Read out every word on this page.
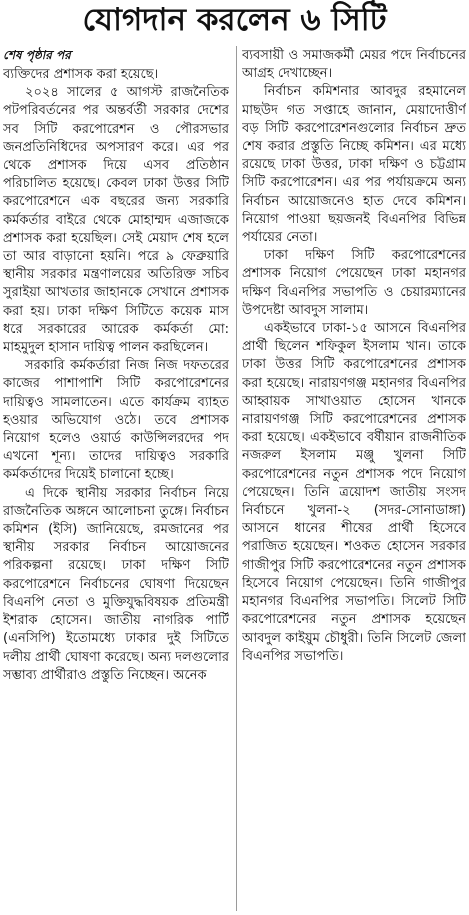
যোগদান করলেন ৬ সিটি
শেষ পৃষ্ঠার পর

ব্যক্তিদের প্রশাসক করা হয়েছে।

২০২৪ সালের ৫ আগস্ট রাজনৈতিক পটপরিবর্তনের পর অন্তর্বর্তী সরকার দেশের সব সিটি করপোরেশন ও পৌরসভার জনপ্রতিনিধিদের অপসারণ করে। এর পর থেকে প্রশাসক দিয়ে এসব প্রতিষ্ঠান পরিচালিত হয়েছে। কেবল ঢাকা উত্তর সিটি করপোরেশনে এক বছরের জন্য সরকারি কর্মকর্তার বাইরে থেকে মোহাম্মদ এজাজকে প্রশাসক করা হয়েছিল। সেই মেয়াদ শেষ হলে তা আর বাড়ানো হয়নি। পরে ৯ ফেব্রুয়ারি স্থানীয় সরকার মন্ত্রণালয়ের অতিরিক্ত সচিব সুরাইয়া আখতার জাহানকে সেখানে প্রশাসক করা হয়। ঢাকা দক্ষিণ সিটিতে কয়েক মাস ধরে সরকারের আরেক কর্মকর্তা মো: মাহমুদুল হাসান দায়িত্ব পালন করছিলেন।

সরকারি কর্মকর্তারা নিজ নিজ দফতরের কাজের পাশাপাশি সিটি করপোরেশনের দায়িত্বও সামলাতেন। এতে কার্যক্রম ব্যাহত হওয়ার অভিযোগ ওঠে। তবে প্রশাসক নিয়োগ হলেও ওয়ার্ড কাউন্সিলরদের পদ এখনো শূন্য। তাদের দায়িত্বও সরকারি কর্মকর্তাদের দিয়েই চালানো হচ্ছে।

এ দিকে স্থানীয় সরকার নির্বাচন নিয়ে রাজনৈতিক অঙ্গনে আলোচনা তুঙ্গে। নির্বাচন কমিশন (ইসি) জানিয়েছে, রমজানের পর স্থানীয় সরকার নির্বাচন আয়োজনের পরিকল্পনা রয়েছে। ঢাকা দক্ষিণ সিটি করপোরেশনে নির্বাচনের ঘোষণা দিয়েছেন বিএনপি নেতা ও মুক্তিযুদ্ধবিষয়ক প্রতিমন্ত্রী ইশরাক হোসেন। জাতীয় নাগরিক পার্টি (এনসিপি) ইতোমধ্যে ঢাকার দুই সিটিতে দলীয় প্রার্থী ঘোষণা করেছে। অন্য দলগুলোর সম্ভাব্য প্রার্থীরাও প্রস্তুতি নিচ্ছেন। অনেক

ব্যবসায়ী ও সমাজকর্মী মেয়র পদে নির্বাচনের আগ্রহ দেখাচ্ছেন।

নির্বাচন কমিশনার আবদুর রহমানেল মাছউদ গত সপ্তাহে জানান, মেয়াদোত্তীর্ণ বড় সিটি করপোরেশনগুলোর নির্বাচন দ্রুত শেষ করার প্রস্তুতি নিচ্ছে কমিশন। এর মধ্যে রয়েছে ঢাকা উত্তর, ঢাকা দক্ষিণ ও চট্টগ্রাম সিটি করপোরেশন। এর পর পর্যায়ক্রমে অন্য নির্বাচন আয়োজনেও হাত দেবে কমিশন। নিয়োগ পাওয়া ছয়জনই বিএনপির বিভিন্ন পর্যায়ের নেতা।

ঢাকা দক্ষিণ সিটি করপোরেশনের প্রশাসক নিয়োগ পেয়েছেন ঢাকা মহানগর দক্ষিণ বিএনপির সভাপতি ও চেয়ারম্যানের উপদেষ্টা আবদুস সালাম।

একইভাবে ঢাকা-১৫ আসনে বিএনপির প্রার্থী ছিলেন শফিকুল ইসলাম খান। তাকে ঢাকা উত্তর সিটি করপোরেশনের প্রশাসক করা হয়েছে। নারায়ণগঞ্জ মহানগর বিএনপির আহ্বায়ক সাখাওয়াত হোসেন খানকে নারায়ণগঞ্জ সিটি করপোরেশনের প্রশাসক করা হয়েছে। একইভাবে বর্ষীয়ান রাজনীতিক নজরুল ইসলাম মঞ্জু খুলনা সিটি করপোরেশনের নতুন প্রশাসক পদে নিয়োগ পেয়েছেন। তিনি ত্রয়োদশ জাতীয় সংসদ নির্বাচনে খুলনা-২ (সদর-সোনাডাঙ্গা) আসনে ধানের শীষের প্রার্থী হিসেবে পরাজিত হয়েছেন। শওকত হোসেন সরকার গাজীপুর সিটি করপোরেশনের নতুন প্রশাসক হিসেবে নিয়োগ পেয়েছেন। তিনি গাজীপুর মহানগর বিএনপির সভাপতি। সিলেট সিটি করপোরেশনের নতুন প্রশাসক হয়েছেন আবদুল কাইয়ুম চৌধুরী। তিনি সিলেট জেলা বিএনপির সভাপতি।
